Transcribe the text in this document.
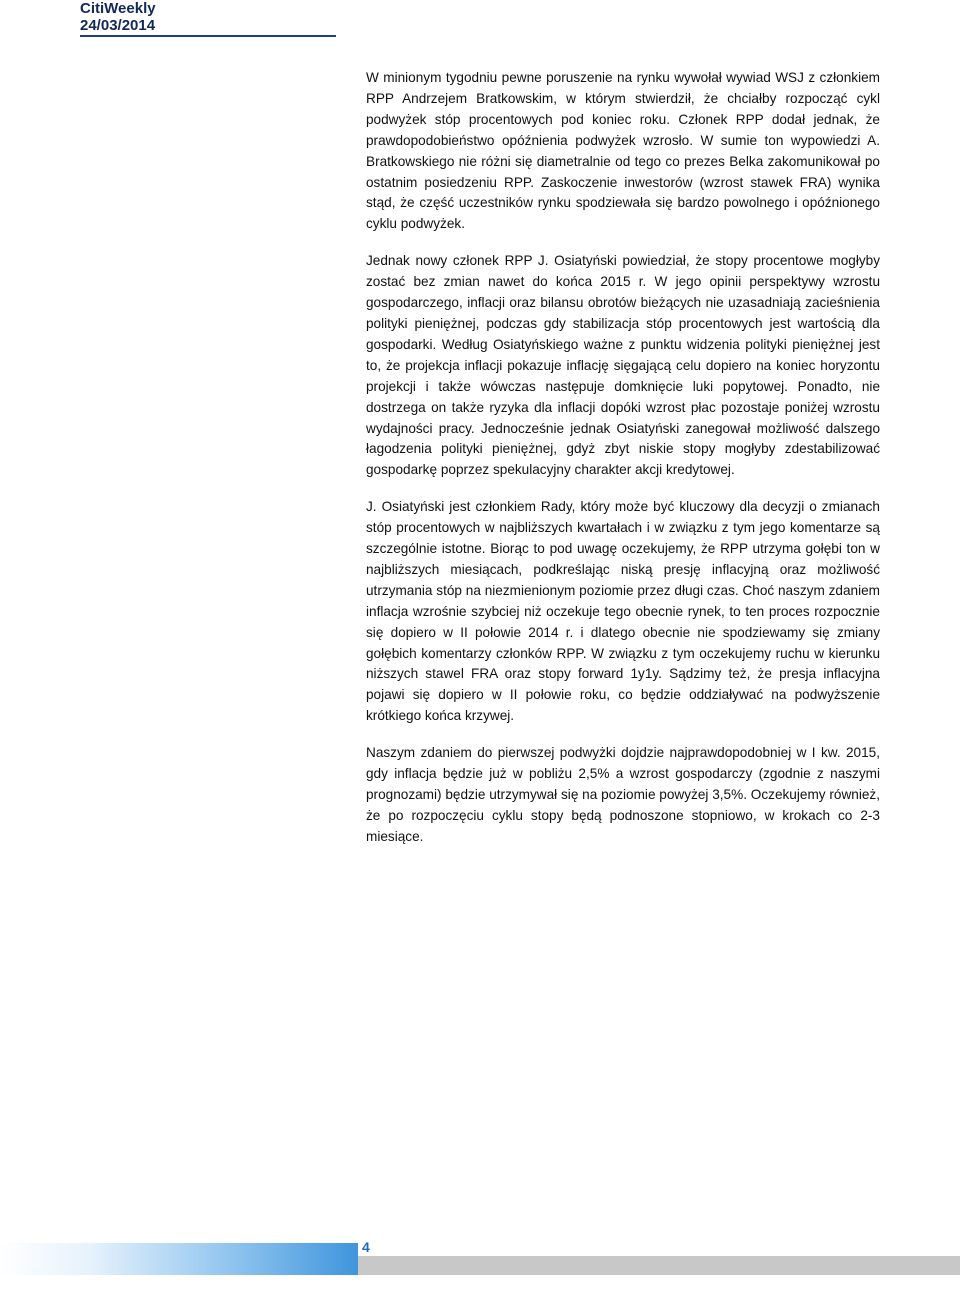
CitiWeekly
24/03/2014

W minionym tygodniu pewne poruszenie na rynku wywołał wywiad WSJ z członkiem RPP Andrzejem Bratkowskim, w którym stwierdził, że chciałby rozpocząć cykl podwyżek stóp procentowych pod koniec roku. Członek RPP dodał jednak, że prawdopodobieństwo opóźnienia podwyżek wzrosło. W sumie ton wypowiedzi A. Bratkowskiego nie różni się diametralnie od tego co prezes Belka zakomunikował po ostatnim posiedzeniu RPP. Zaskoczenie inwestorów (wzrost stawek FRA) wynika stąd, że część uczestników rynku spodziewała się bardzo powolnego i opóźnionego cyklu podwyżek.

Jednak nowy członek RPP J. Osiatyński powiedział, że stopy procentowe mogłyby zostać bez zmian nawet do końca 2015 r. W jego opinii perspektywy wzrostu gospodarczego, inflacji oraz bilansu obrotów bieżących nie uzasadniają zacieśnienia polityki pieniężnej, podczas gdy stabilizacja stóp procentowych jest wartością dla gospodarki. Według Osiatyńskiego ważne z punktu widzenia polityki pieniężnej jest to, że projekcja inflacji pokazuje inflację sięgającą celu dopiero na koniec horyzontu projekcji i także wówczas następuje domknięcie luki popytowej. Ponadto, nie dostrzega on także ryzyka dla inflacji dopóki wzrost płac pozostaje poniżej wzrostu wydajności pracy. Jednocześnie jednak Osiatyński zanegował możliwość dalszego łagodzenia polityki pieniężnej, gdyż zbyt niskie stopy mogłyby zdestabilizować gospodarkę poprzez spekulacyjny charakter akcji kredytowej.

J. Osiatyński jest członkiem Rady, który może być kluczowy dla decyzji o zmianach stóp procentowych w najbliższych kwartałach i w związku z tym jego komentarze są szczególnie istotne. Biorąc to pod uwagę oczekujemy, że RPP utrzyma gołębi ton w najbliższych miesiącach, podkreślając niską presję inflacyjną oraz możliwość utrzymania stóp na niezmienionym poziomie przez długi czas. Choć naszym zdaniem inflacja wzrośnie szybciej niż oczekuje tego obecnie rynek, to ten proces rozpocznie się dopiero w II połowie 2014 r. i dlatego obecnie nie spodziewamy się zmiany gołębich komentarzy członków RPP. W związku z tym oczekujemy ruchu w kierunku niższych stawel FRA oraz stopy forward 1y1y. Sądzimy też, że presja inflacyjna pojawi się dopiero w II połowie roku, co będzie oddziaływać na podwyższenie krótkiego końca krzywej.

Naszym zdaniem do pierwszej podwyżki dojdzie najprawdopodobniej w I kw. 2015, gdy inflacja będzie już w pobliżu 2,5% a wzrost gospodarczy (zgodnie z naszymi prognozami) będzie utrzymywał się na poziomie powyżej 3,5%. Oczekujemy również, że po rozpoczęciu cyklu stopy będą podnoszone stopniowo, w krokach co 2-3 miesiące.

4
